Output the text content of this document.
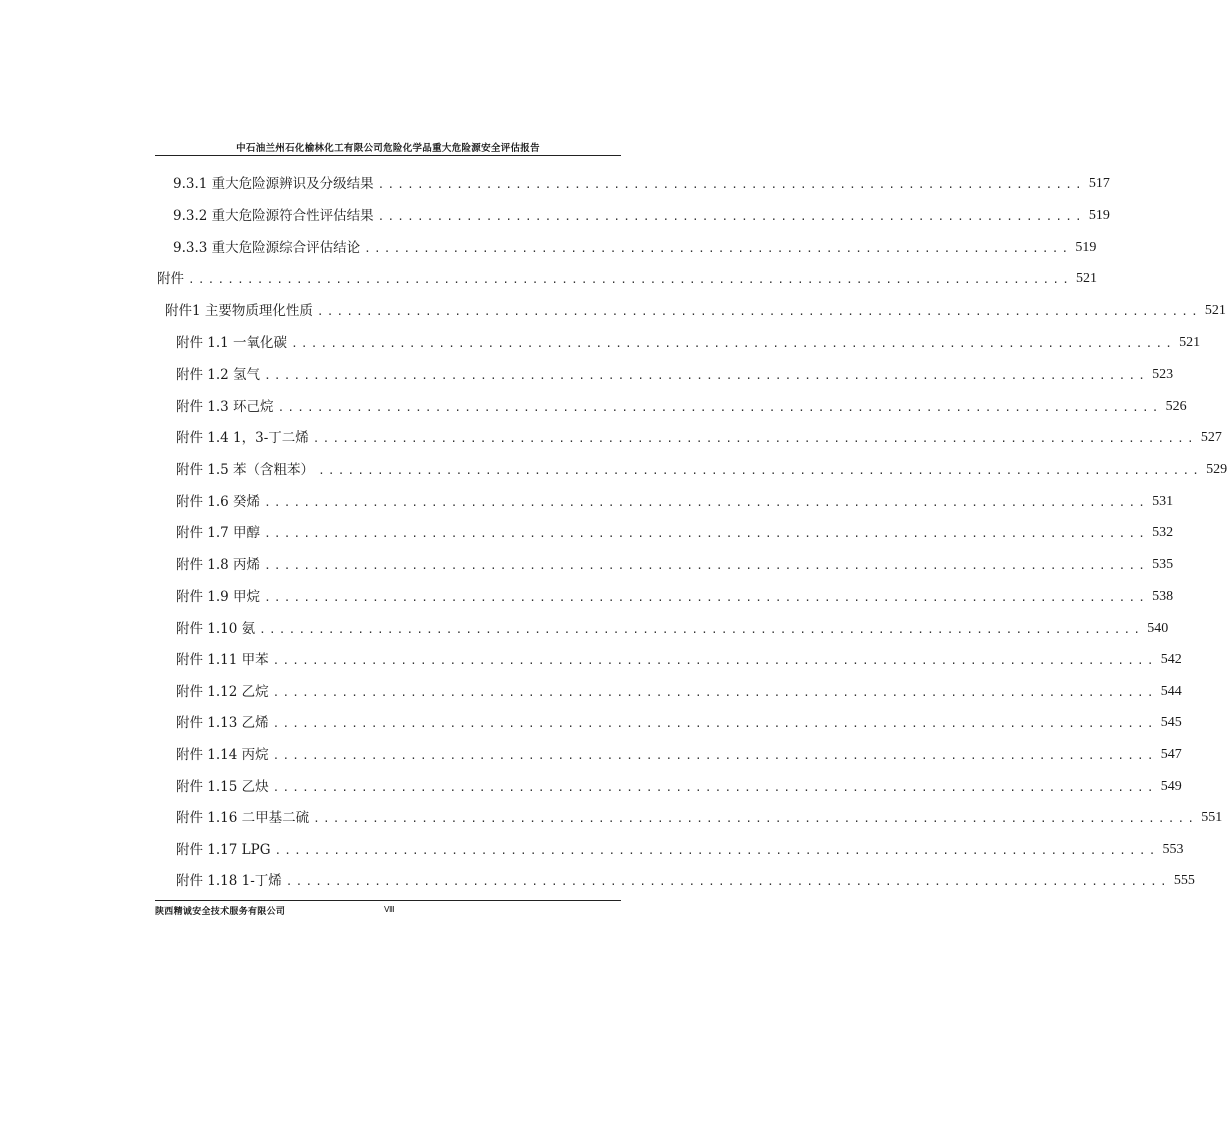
中石油兰州石化榆林化工有限公司危险化学品重大危险源安全评估报告
9.3.1 重大危险源辨识及分级结果 ........................................................................ 517
9.3.2 重大危险源符合性评估结果 ........................................................................ 519
9.3.3 重大危险源综合评估结论 ........................................................................ 519
附件 .......................................................................................... 521
附件1 主要物质理化性质 .......................................................................................... 521
附件 1.1 一氧化碳 .......................................................................................... 521
附件 1.2 氢气 .......................................................................................... 523
附件 1.3 环己烷 .......................................................................................... 526
附件 1.4 1，3-丁二烯 .......................................................................................... 527
附件 1.5 苯（含粗苯） .......................................................................................... 529
附件 1.6 癸烯 .......................................................................................... 531
附件 1.7 甲醇 .......................................................................................... 532
附件 1.8 丙烯 .......................................................................................... 535
附件 1.9 甲烷 .......................................................................................... 538
附件 1.10 氨 .......................................................................................... 540
附件 1.11 甲苯 .......................................................................................... 542
附件 1.12 乙烷 .......................................................................................... 544
附件 1.13 乙烯 .......................................................................................... 545
附件 1.14 丙烷 .......................................................................................... 547
附件 1.15 乙炔 .......................................................................................... 549
附件 1.16 二甲基二硫 .......................................................................................... 551
附件 1.17 LPG .......................................................................................... 553
附件 1.18 1-丁烯 .......................................................................................... 555
陕西精诚安全技术服务有限公司	Ⅷ
